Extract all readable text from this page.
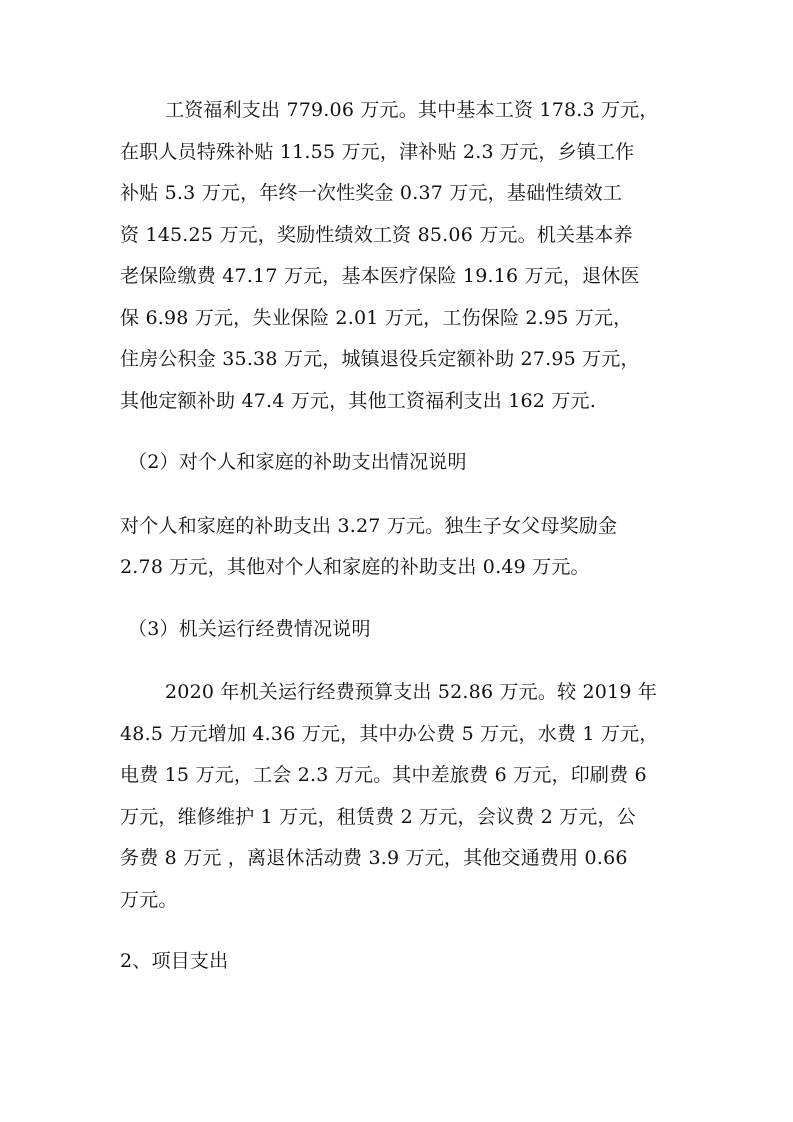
工资福利支出 779.06 万元。其中基本工资 178.3 万元，
在职人员特殊补贴 11.55 万元，津补贴 2.3 万元，乡镇工作
补贴 5.3 万元，年终一次性奖金 0.37 万元，基础性绩效工
资 145.25 万元，奖励性绩效工资 85.06 万元。机关基本养
老保险缴费 47.17 万元，基本医疗保险 19.16 万元，退休医
保 6.98 万元，失业保险 2.01 万元，工伤保险 2.95 万元，
住房公积金 35.38 万元，城镇退役兵定额补助 27.95 万元，
其他定额补助 47.4 万元，其他工资福利支出 162 万元.
（2）对个人和家庭的补助支出情况说明
对个人和家庭的补助支出 3.27 万元。独生子女父母奖励金
2.78 万元，其他对个人和家庭的补助支出 0.49 万元。
（3）机关运行经费情况说明
2020 年机关运行经费预算支出 52.86 万元。较 2019 年
48.5 万元增加 4.36 万元，其中办公费 5 万元，水费 1 万元，
电费 15 万元，工会 2.3 万元。其中差旅费 6 万元，印刷费 6
万元，维修维护 1 万元，租赁费 2 万元，会议费 2 万元，公
务费 8 万元 ，离退休活动费 3.9 万元，其他交通费用 0.66
万元。
2、项目支出
